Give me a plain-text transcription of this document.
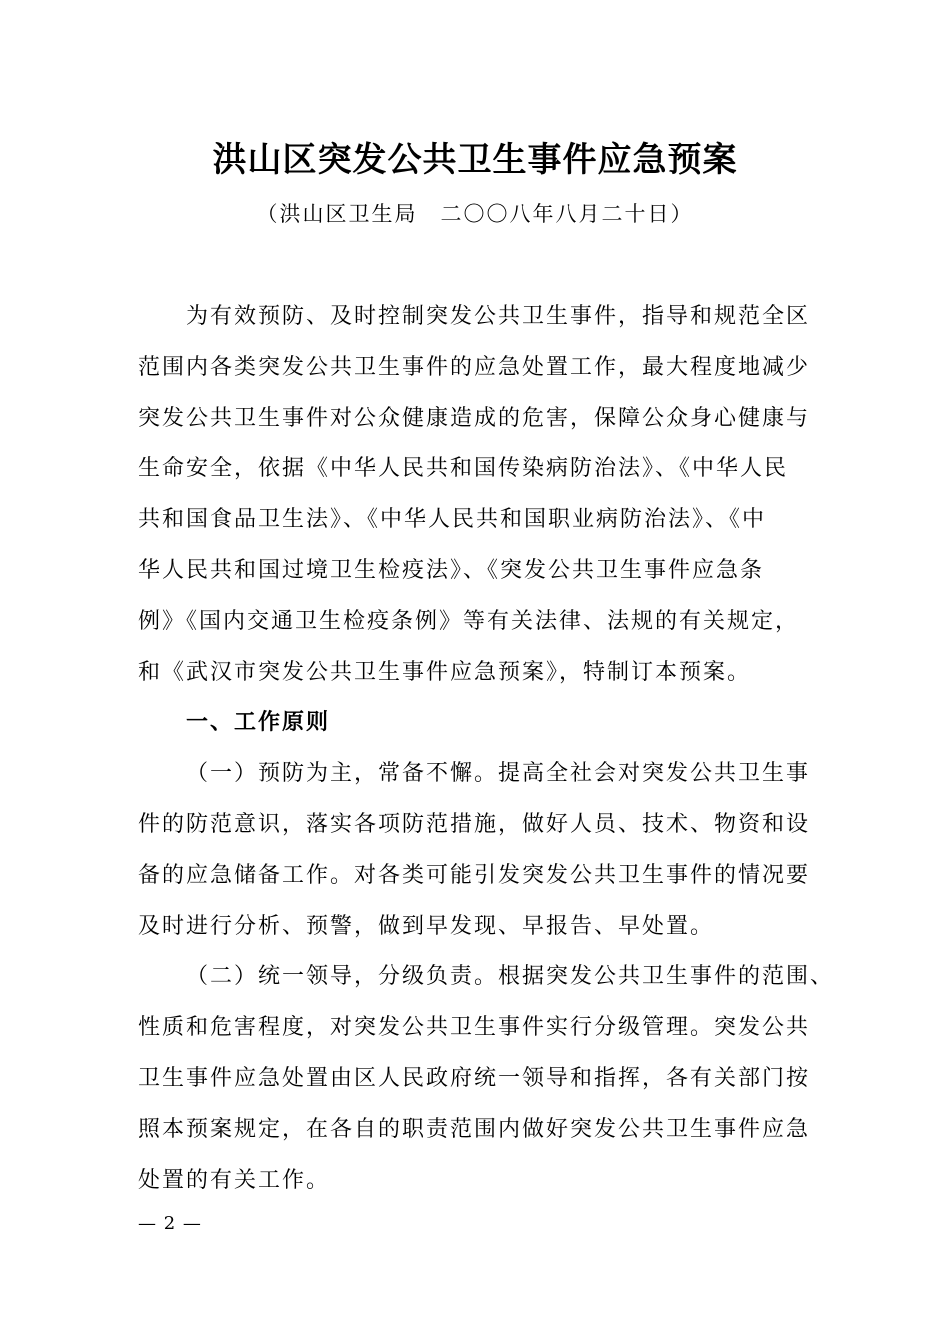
洪山区突发公共卫生事件应急预案
（洪山区卫生局　二〇〇八年八月二十日）
为有效预防、及时控制突发公共卫生事件，指导和规范全区
范围内各类突发公共卫生事件的应急处置工作，最大程度地减少
突发公共卫生事件对公众健康造成的危害，保障公众身心健康与
生命安全，依据《中华人民共和国传染病防治法》、《中华人民
共和国食品卫生法》、《中华人民共和国职业病防治法》、《中
华人民共和国过境卫生检疫法》、《突发公共卫生事件应急条
例》《国内交通卫生检疫条例》等有关法律、法规的有关规定，
和《武汉市突发公共卫生事件应急预案》，特制订本预案。
一、工作原则
（一）预防为主，常备不懈。提高全社会对突发公共卫生事
件的防范意识，落实各项防范措施，做好人员、技术、物资和设
备的应急储备工作。对各类可能引发突发公共卫生事件的情况要
及时进行分析、预警，做到早发现、早报告、早处置。
（二）统一领导，分级负责。根据突发公共卫生事件的范围、
性质和危害程度，对突发公共卫生事件实行分级管理。突发公共
卫生事件应急处置由区人民政府统一领导和指挥，各有关部门按
照本预案规定，在各自的职责范围内做好突发公共卫生事件应急
处置的有关工作。
— 2 —
